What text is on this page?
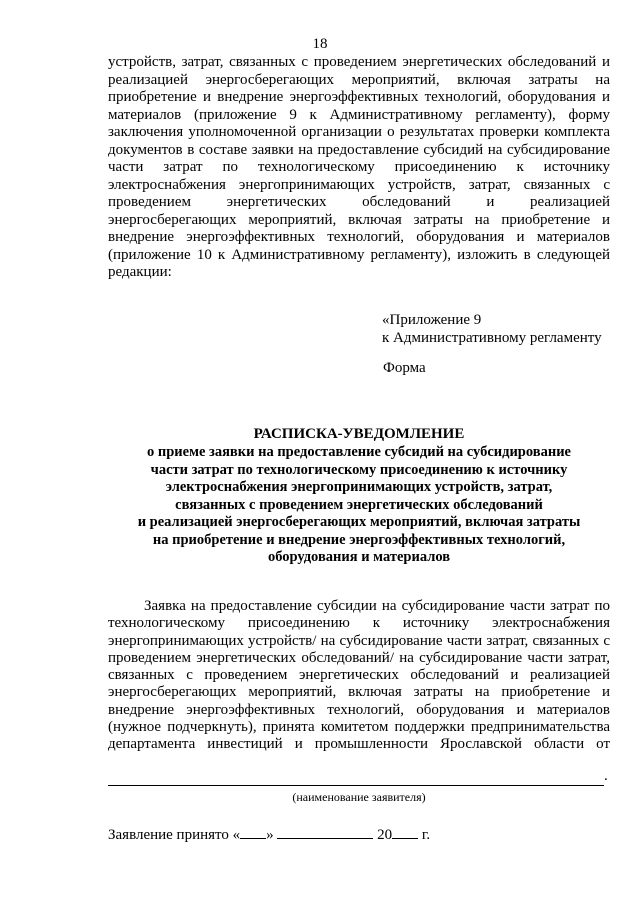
18

устройств, затрат, связанных с проведением энергетических обследований и реализацией энергосберегающих мероприятий, включая затраты на приобретение и внедрение энергоэффективных технологий, оборудования и материалов (приложение 9 к Административному регламенту), форму заключения уполномоченной организации о результатах проверки комплекта документов в составе заявки на предоставление субсидий на субсидирование части затрат по технологическому присоединению к источнику электроснабжения энергопринимающих устройств, затрат, связанных с проведением энергетических обследований и реализацией энергосберегающих мероприятий, включая затраты на приобретение и внедрение энергоэффективных технологий, оборудования и материалов (приложение 10 к Административному регламенту), изложить в следующей редакции:

«Приложение 9
к Административному регламенту
Форма
РАСПИСКА-УВЕДОМЛЕНИЕ
о приеме заявки на предоставление субсидий на субсидирование
части затрат по технологическому присоединению к источнику
электроснабжения энергопринимающих устройств, затрат,
связанных с проведением энергетических обследований
и реализацией энергосберегающих мероприятий, включая затраты
на приобретение и внедрение энергоэффективных технологий,
оборудования и материалов

Заявка на предоставление субсидии на субсидирование части затрат по технологическому присоединению к источнику электроснабжения энергопринимающих устройств/ на субсидирование части затрат, связанных с проведением энергетических обследований/ на субсидирование части затрат, связанных с проведением энергетических обследований и реализацией энергосберегающих мероприятий, включая затраты на приобретение и внедрение энергоэффективных технологий, оборудования и материалов (нужное подчеркнуть), принята комитетом поддержки предпринимательства департамента инвестиций и промышленности Ярославской области от

.
(наименование заявителя)
Заявление принято « »	20 г.
